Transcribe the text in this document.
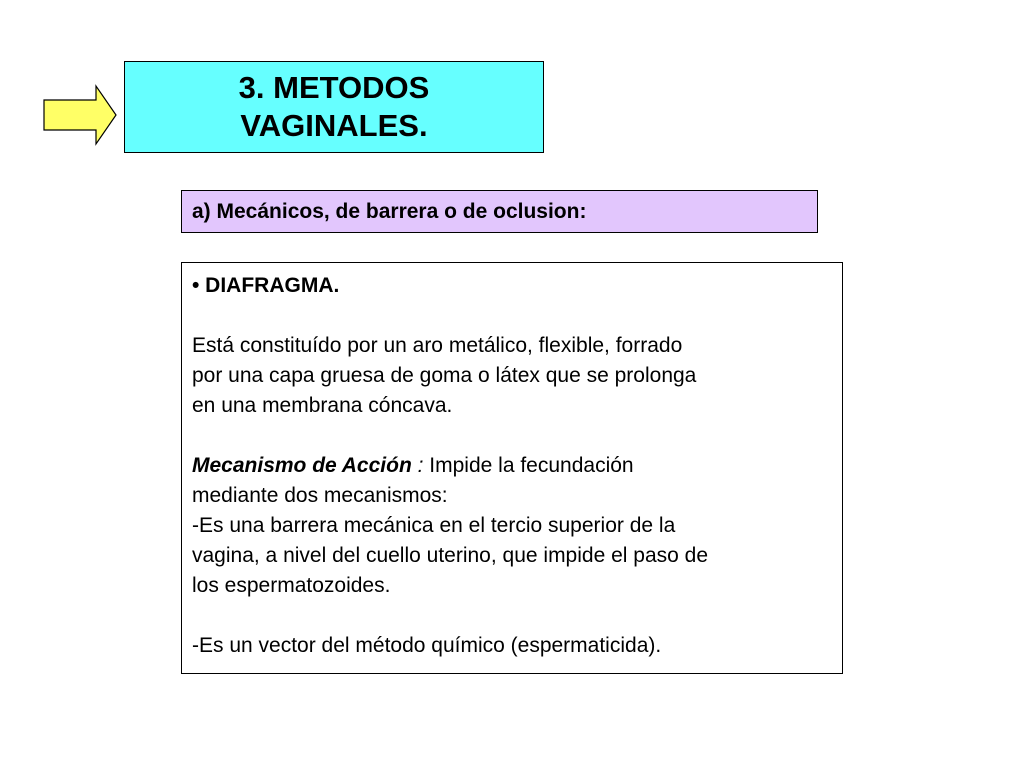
3. METODOS
VAGINALES.
a) Mecánicos, de barrera o de oclusion:
• DIAFRAGMA.
Está constituído por un aro metálico, flexible, forrado
por una capa gruesa de goma o látex que se prolonga
en una membrana cóncava.
Mecanismo de Acción : Impide la fecundación
mediante dos mecanismos:
-Es una barrera mecánica en el tercio superior de la
vagina, a nivel del cuello uterino, que impide el paso de
los espermatozoides.
-Es un vector del método químico (espermaticida).
